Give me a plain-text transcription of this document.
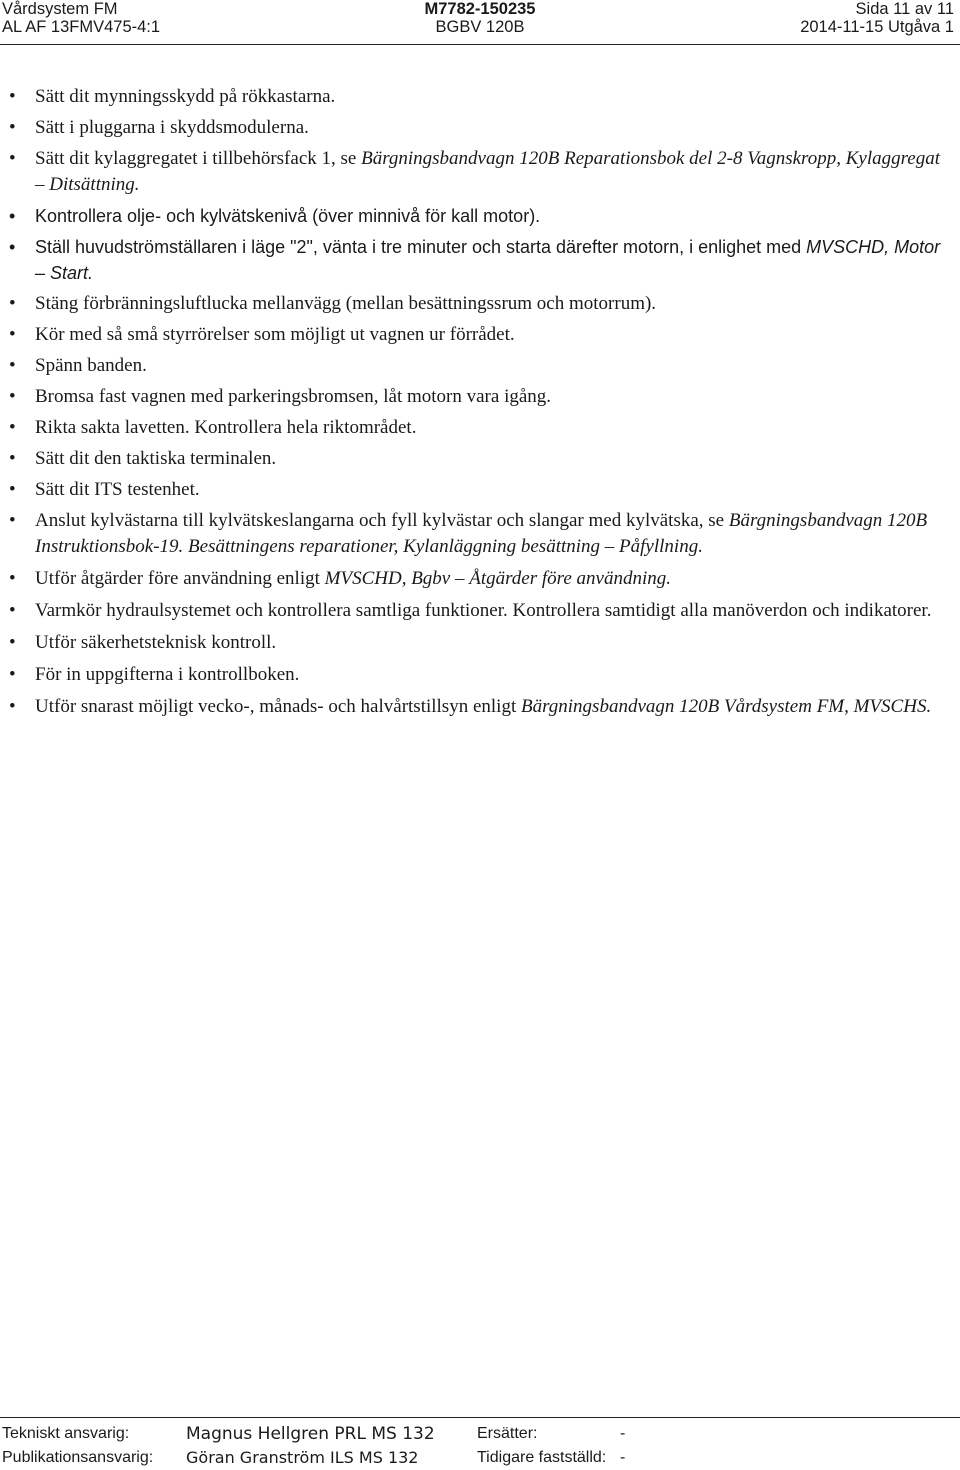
Vårdsystem FM	M7782-150235	Sida 11 av 11
AL AF 13FMV475-4:1	BGBV 120B	2014-11-15 Utgåva 1
• Sätt dit mynningsskydd på rökkastarna.
• Sätt i pluggarna i skyddsmodulerna.
• Sätt dit kylaggregatet i tillbehörsfack 1, se Bärgningsbandvagn 120B Reparationsbok del 2-8 Vagnskropp, Kylaggregat – Ditsättning.
• Kontrollera olje- och kylvätskenivå (över minnivå för kall motor).
• Ställ huvudströmställaren i läge "2", vänta i tre minuter och starta därefter motorn, i enlighet med MVSCHD, Motor – Start.
• Stäng förbränningsluftlucka mellanvägg (mellan besättningssrum och motorrum).
• Kör med så små styrrörelser som möjligt ut vagnen ur förrådet.
• Spänn banden.
• Bromsa fast vagnen med parkeringsbromsen, låt motorn vara igång.
• Rikta sakta lavetten. Kontrollera hela riktområdet.
• Sätt dit den taktiska terminalen.
• Sätt dit ITS testenhet.
• Anslut kylvästarna till kylvätskeslangarna och fyll kylvästar och slangar med kylvätska, se Bärgningsbandvagn 120B Instruktionsbok-19. Besättningens reparationer, Kylanläggning besättning – Påfyllning.
• Utför åtgärder före användning enligt MVSCHD, Bgbv – Åtgärder före användning.
• Varmkör hydraulsystemet och kontrollera samtliga funktioner. Kontrollera samtidigt alla manöverdon och indikatorer.
• Utför säkerhetsteknisk kontroll.
• För in uppgifterna i kontrollboken.
• Utför snarast möjligt vecko-, månads- och halvårtstillsyn enligt Bärgningsbandvagn 120B Vårdsystem FM, MVSCHS.
Tekniskt ansvarig:	Magnus Hellgren PRL MS 132	Ersätter:	-
Publikationsansvarig: Göran Granström ILS MS 132	Tidigare fastställd: -
